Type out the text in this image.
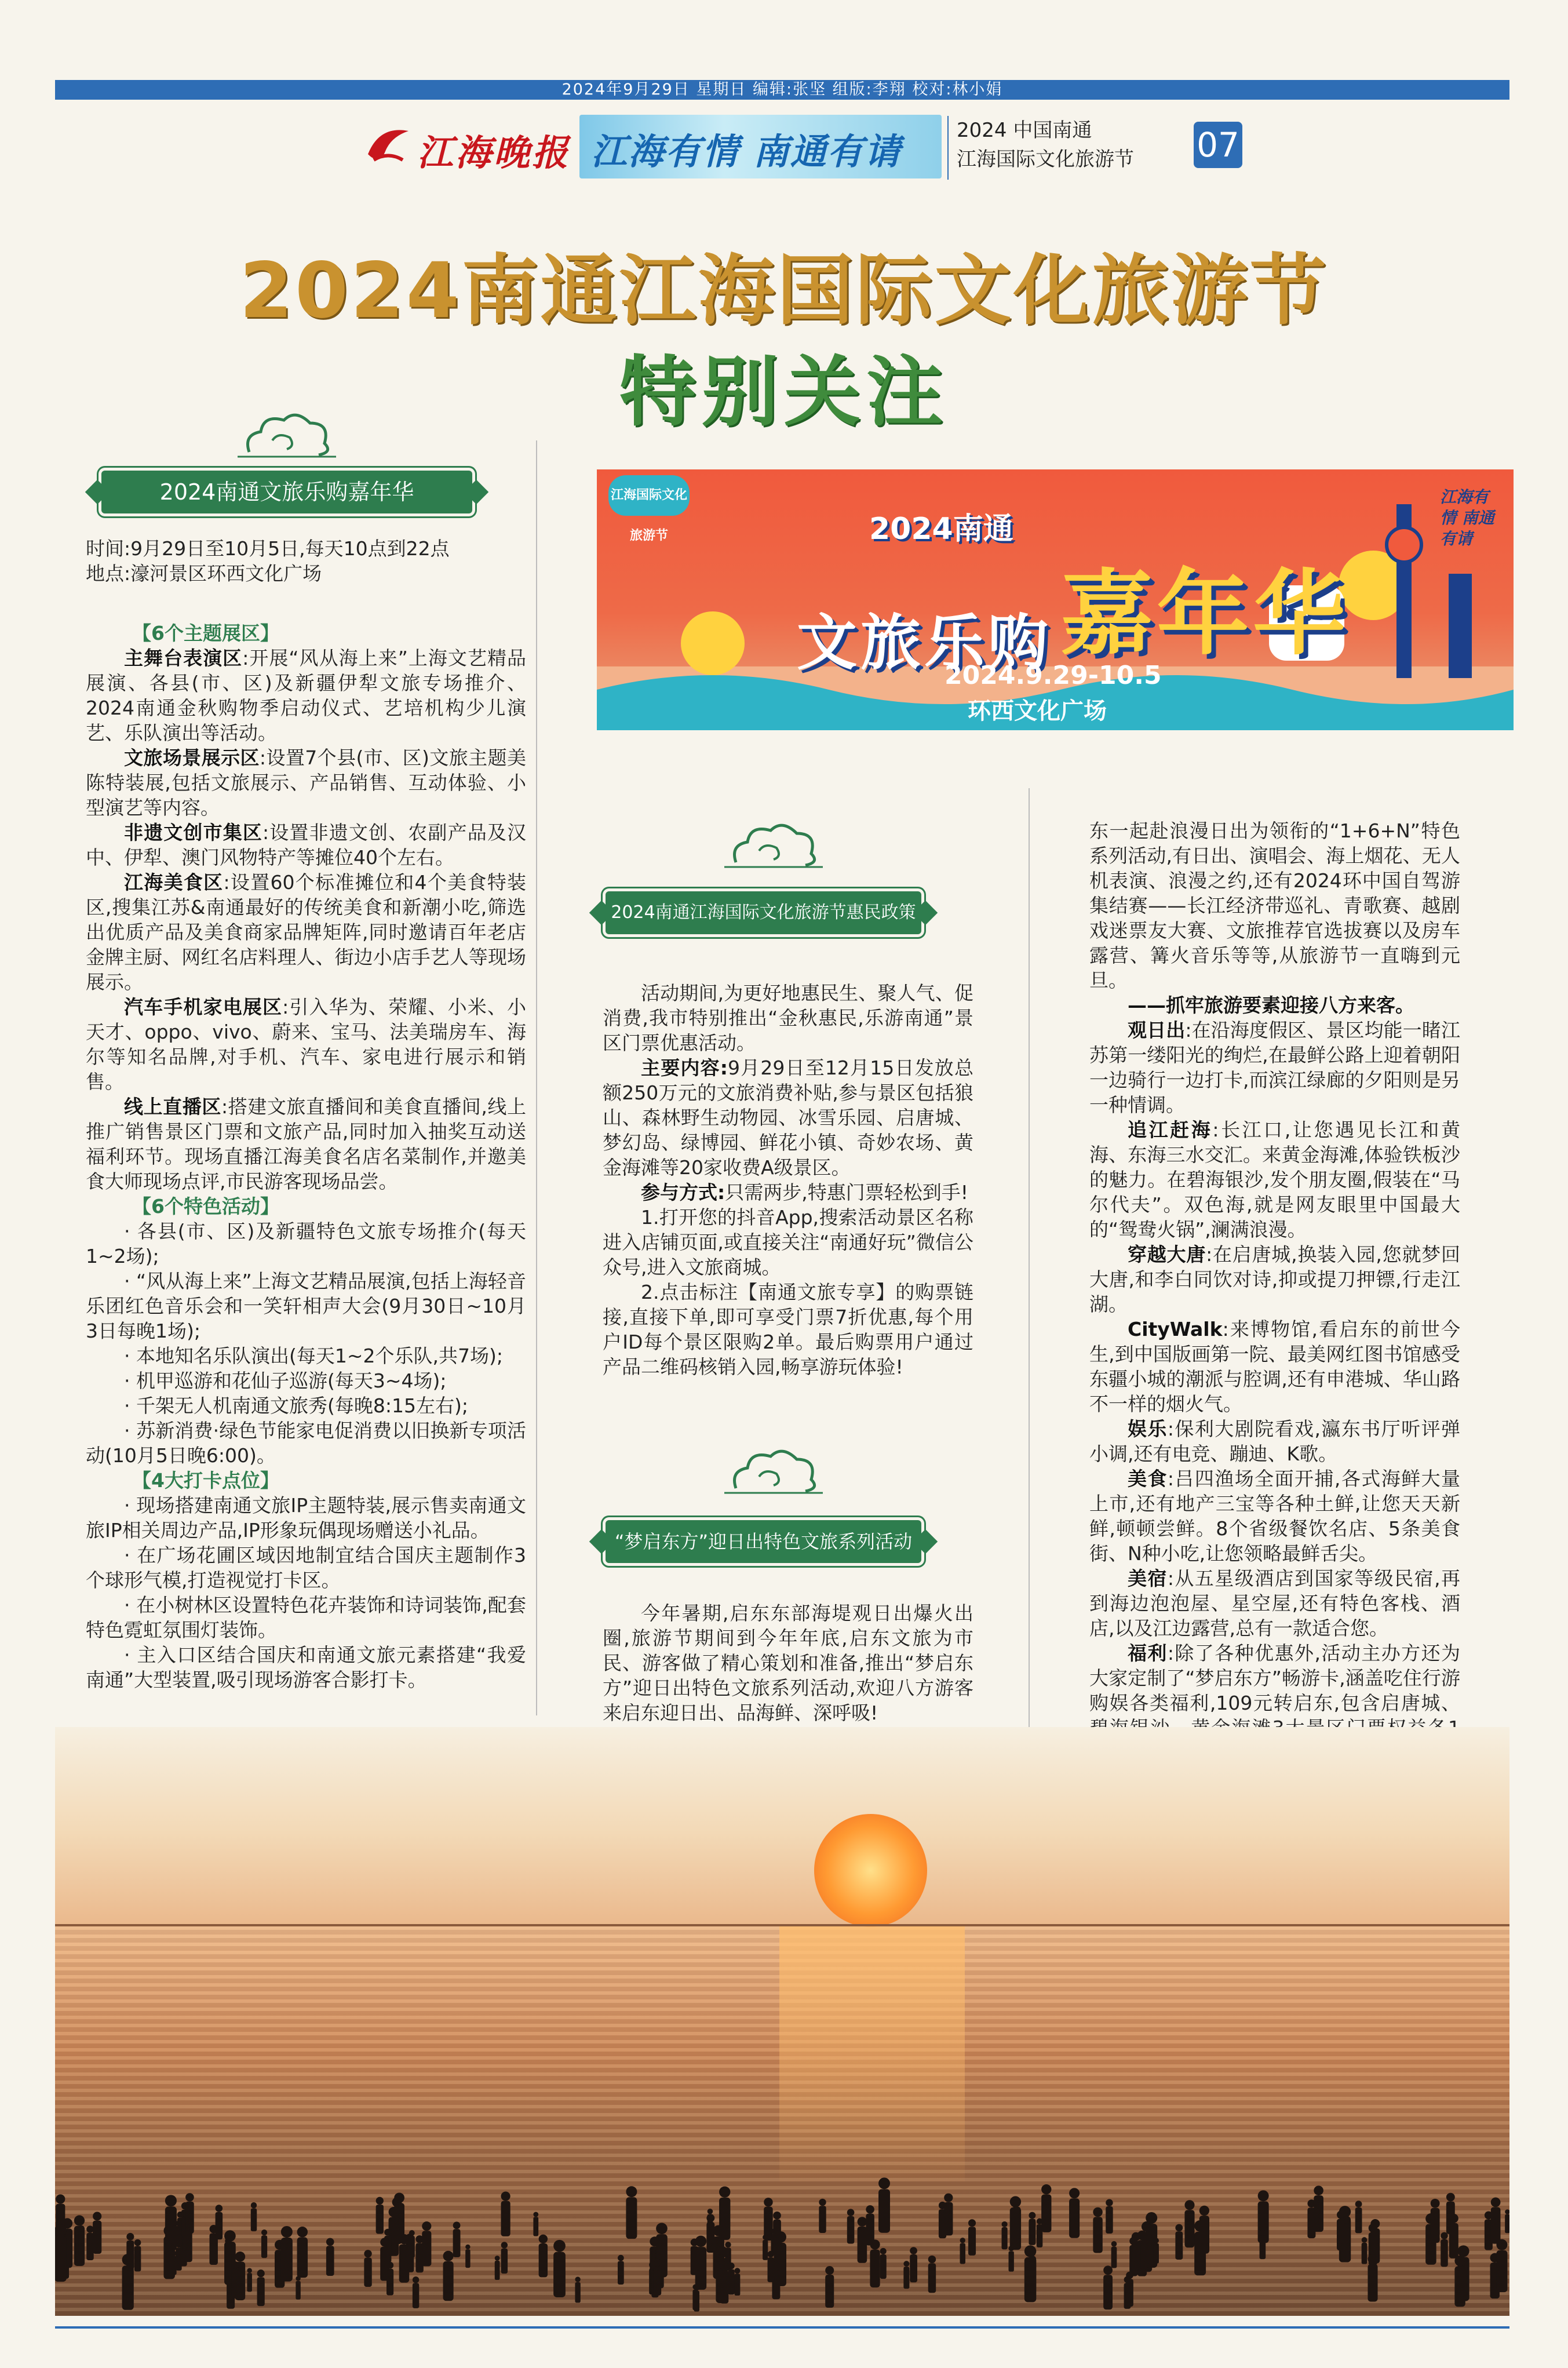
2024年9月29日 星期日 编辑:张坚 组版:李翔 校对:林小娟
江海晚报 江海有情 南通有请	2024 中国南通
江海国际文化旅游节	07
2024南通江海国际文化旅游节
特别关注
2024南通文旅乐购嘉年华

时间:9月29日至10月5日,每天10点到22点

地点:濠河景区环西文化广场

【6个主题展区】

主舞台表演区:开展“风从海上来”上海文艺精品展演、各县(市、区)及新疆伊犁文旅专场推介、2024南通金秋购物季启动仪式、艺培机构少儿演艺、乐队演出等活动。

文旅场景展示区:设置7个县(市、区)文旅主题美陈特装展,包括文旅展示、产品销售、互动体验、小型演艺等内容。

非遗文创市集区:设置非遗文创、农副产品及汉中、伊犁、澳门风物特产等摊位40个左右。

江海美食区:设置60个标准摊位和4个美食特装区,搜集江苏&南通最好的传统美食和新潮小吃,筛选出优质产品及美食商家品牌矩阵,同时邀请百年老店金牌主厨、网红名店料理人、街边小店手艺人等现场展示。

汽车手机家电展区:引入华为、荣耀、小米、小天才、oppo、vivo、蔚来、宝马、法美瑞房车、海尔等知名品牌,对手机、汽车、家电进行展示和销售。

线上直播区:搭建文旅直播间和美食直播间,线上推广销售景区门票和文旅产品,同时加入抽奖互动送福利环节。现场直播江海美食名店名菜制作,并邀美食大师现场点评,市民游客现场品尝。

【6个特色活动】

· 各县(市、区)及新疆特色文旅专场推介(每天1~2场);

· “风从海上来”上海文艺精品展演,包括上海轻音乐团红色音乐会和一笑轩相声大会(9月30日~10月3日每晚1场);

· 本地知名乐队演出(每天1~2个乐队,共7场);

· 机甲巡游和花仙子巡游(每天3~4场);

· 千架无人机南通文旅秀(每晚8:15左右);

· 苏新消费·绿色节能家电促消费以旧换新专项活动(10月5日晚6:00)。

【4大打卡点位】

· 现场搭建南通文旅IP主题特装,展示售卖南通文旅IP相关周边产品,IP形象玩偶现场赠送小礼品。

· 在广场花圃区域因地制宜结合国庆主题制作3个球形气模,打造视觉打卡区。

· 在小树林区设置特色花卉装饰和诗词装饰,配套特色霓虹氛围灯装饰。

· 主入口区结合国庆和南通文旅元素搭建“我爱南通”大型装置,吸引现场游客合影打卡。

江海国际文化旅游节	2024南通
文旅乐购 嘉年华
2024.9.29-10.5
环西文化广场
江海有情 南通有请
2024南通江海国际文化旅游节惠民政策

活动期间,为更好地惠民生、聚人气、促消费,我市特别推出“金秋惠民,乐游南通”景区门票优惠活动。

主要内容:9月29日至12月15日发放总额250万元的文旅消费补贴,参与景区包括狼山、森林野生动物园、冰雪乐园、启唐城、梦幻岛、绿博园、鲜花小镇、奇妙农场、黄金海滩等20家收费A级景区。

参与方式:只需两步,特惠门票轻松到手!

1.打开您的抖音App,搜索活动景区名称进入店铺页面,或直接关注“南通好玩”微信公众号,进入文旅商城。

2.点击标注【南通文旅专享】的购票链接,直接下单,即可享受门票7折优惠,每个用户ID每个景区限购2单。最后购票用户通过产品二维码核销入园,畅享游玩体验!

“梦启东方”迎日出特色文旅系列活动

今年暑期,启东东部海堤观日出爆火出圈,旅游节期间到今年年底,启东文旅为市民、游客做了精心策划和准备,推出“梦启东方”迎日出特色文旅系列活动,欢迎八方游客来启东迎日出、品海鲜、深呼吸!

东一起赴浪漫日出为领衔的“1+6+N”特色系列活动,有日出、演唱会、海上烟花、无人机表演、浪漫之约,还有2024环中国自驾游集结赛——长江经济带巡礼、青歌赛、越剧戏迷票友大赛、文旅推荐官选拔赛以及房车露营、篝火音乐等等,从旅游节一直嗨到元旦。

——抓牢旅游要素迎接八方来客。

观日出:在沿海度假区、景区均能一睹江苏第一缕阳光的绚烂,在最鲜公路上迎着朝阳一边骑行一边打卡,而滨江绿廊的夕阳则是另一种情调。

追江赶海:长江口,让您遇见长江和黄海、东海三水交汇。来黄金海滩,体验铁板沙的魅力。在碧海银沙,发个朋友圈,假装在“马尔代夫”。双色海,就是网友眼里中国最大的“鸳鸯火锅”,澜满浪漫。

穿越大唐:在启唐城,换装入园,您就梦回大唐,和李白同饮对诗,抑或提刀押镖,行走江湖。

CityWalk:来博物馆,看启东的前世今生,到中国版画第一院、最美网红图书馆感受东疆小城的潮派与腔调,还有申港城、华山路不一样的烟火气。

娱乐:保利大剧院看戏,瀛东书厅听评弹小调,还有电竞、蹦迪、K歌。

美食:吕四渔场全面开捕,各式海鲜大量上市,还有地产三宝等各种土鲜,让您天天新鲜,顿顿尝鲜。8个省级餐饮名店、5条美食街、N种小吃,让您领略最鲜舌尖。

美宿:从五星级酒店到国家等级民宿,再到海边泡泡屋、星空屋,还有特色客栈、酒店,以及江边露营,总有一款适合您。

福利:除了各种优惠外,活动主办方还为大家定制了“梦启东方”畅游卡,涵盖吃住行游购娱各类福利,109元转启东,包含启唐城、
